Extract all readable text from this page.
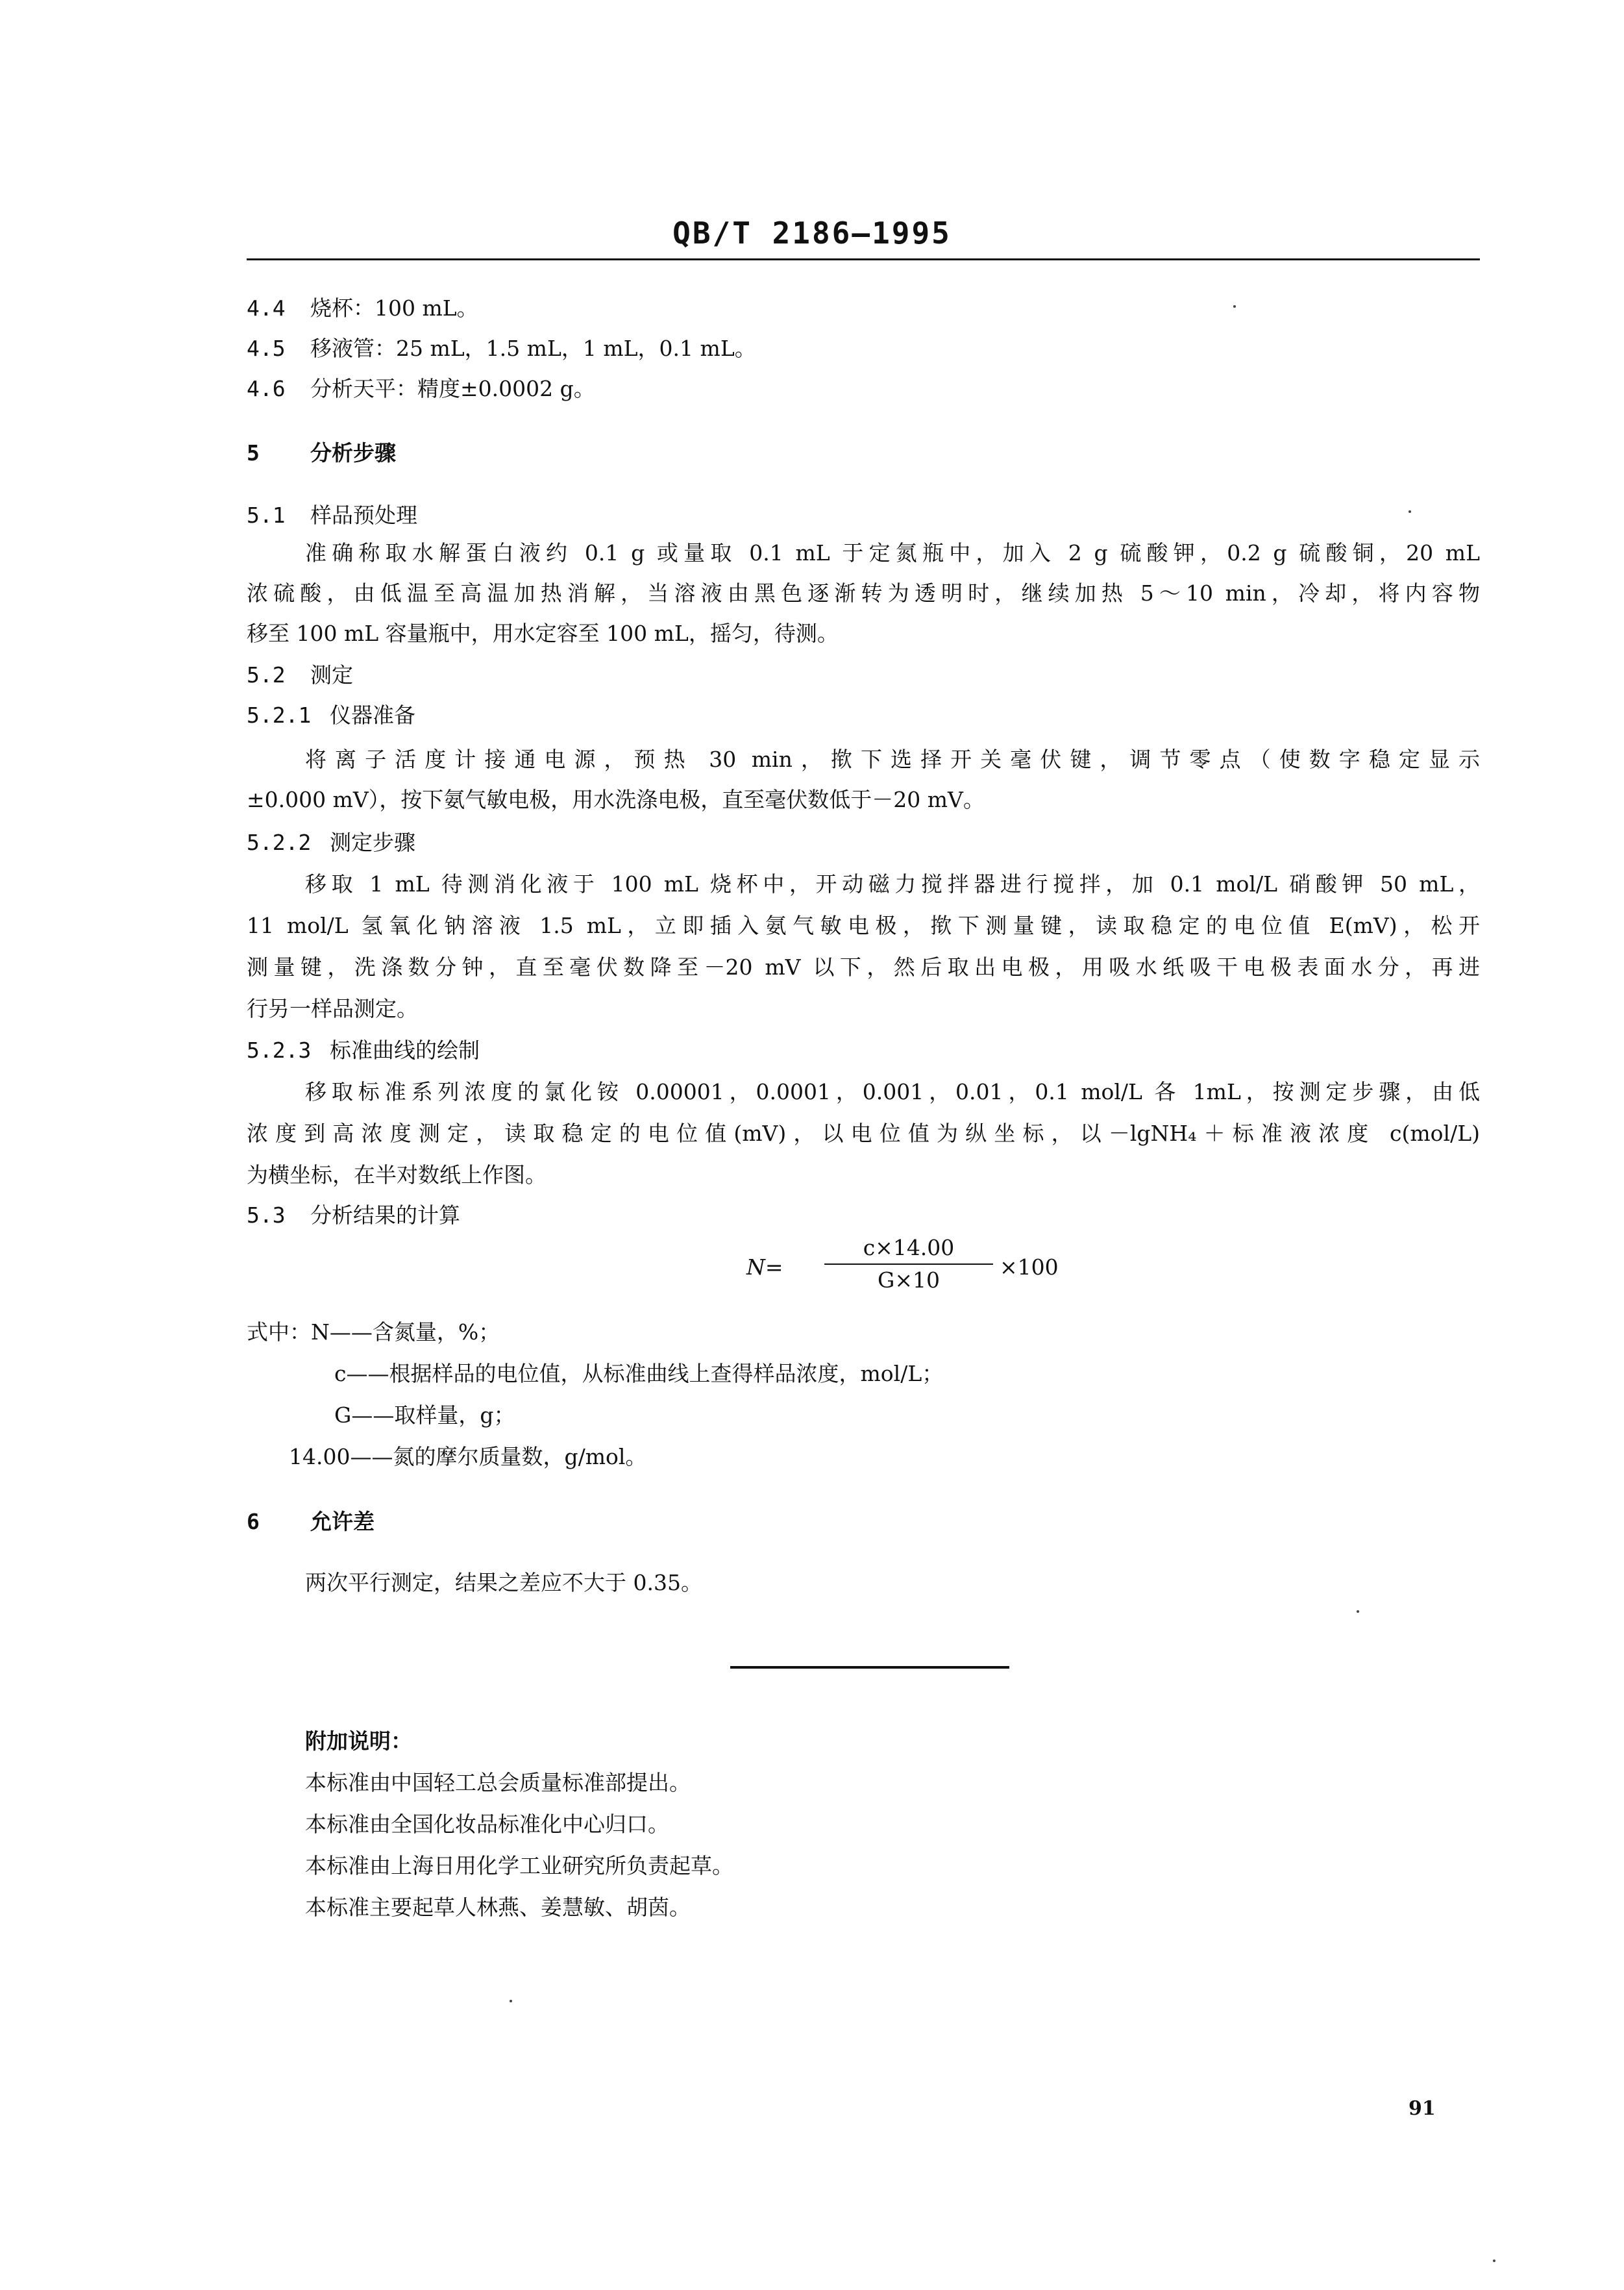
QB/T 2186—1995
4.4 烧杯：100 mL。
4.5 移液管：25 mL，1.5 mL，1 mL，0.1 mL。
4.6 分析天平：精度±0.0002 g。
5 分析步骤
5.1 样品预处理
准确称取水解蛋白液约 0.1 g 或量取 0.1 mL 于定氮瓶中，加入 2 g 硫酸钾，0.2 g 硫酸铜，20 mL
浓硫酸，由低温至高温加热消解，当溶液由黑色逐渐转为透明时，继续加热 5～10 min，冷却，将内容物
移至 100 mL 容量瓶中，用水定容至 100 mL，摇匀，待测。
5.2 测定
5.2.1 仪器准备
将离子活度计接通电源，预热 30 min，揿下选择开关毫伏键，调节零点（使数字稳定显示
±0.000 mV），按下氨气敏电极，用水洗涤电极，直至毫伏数低于－20 mV。
5.2.2 测定步骤
移取 1 mL 待测消化液于 100 mL 烧杯中，开动磁力搅拌器进行搅拌，加 0.1 mol/L 硝酸钾 50 mL，
11 mol/L 氢氧化钠溶液 1.5 mL，立即插入氨气敏电极，揿下测量键，读取稳定的电位值 E(mV)，松开
测量键，洗涤数分钟，直至毫伏数降至－20 mV 以下，然后取出电极，用吸水纸吸干电极表面水分，再进
行另一样品测定。
5.2.3 标准曲线的绘制
移取标准系列浓度的氯化铵 0.00001，0.0001，0.001，0.01，0.1 mol/L 各 1mL，按测定步骤，由低
浓度到高浓度测定，读取稳定的电位值(mV)，以电位值为纵坐标，以－lgNH₄＋标准液浓度 c(mol/L)
为横坐标，在半对数纸上作图。
5.3 分析结果的计算
N=
c×14.00
G×10
×100
式中：N——含氮量，%；
c——根据样品的电位值，从标准曲线上查得样品浓度，mol/L；
G——取样量，g；
14.00——氮的摩尔质量数，g/mol。
6 允许差
两次平行测定，结果之差应不大于 0.35。
附加说明：
本标准由中国轻工总会质量标准部提出。
本标准由全国化妆品标准化中心归口。
本标准由上海日用化学工业研究所负责起草。
本标准主要起草人林燕、姜慧敏、胡茵。
91
